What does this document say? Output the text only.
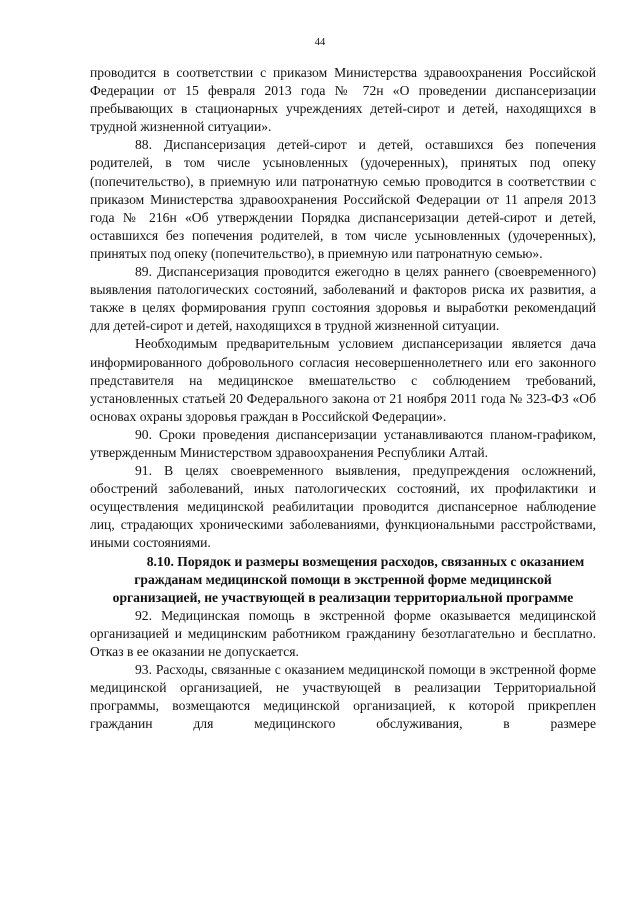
44

проводится в соответствии с приказом Министерства здравоохранения Российской Федерации от 15 февраля 2013 года № 72н «О проведении диспансеризации пребывающих в стационарных учреждениях детей-сирот и детей, находящихся в трудной жизненной ситуации».

88. Диспансеризация детей-сирот и детей, оставшихся без попечения родителей, в том числе усыновленных (удочеренных), принятых под опеку (попечительство), в приемную или патронатную семью проводится в соответствии с приказом Министерства здравоохранения Российской Федерации от 11 апреля 2013 года № 216н «Об утверждении Порядка диспансеризации детей-сирот и детей, оставшихся без попечения родителей, в том числе усыновленных (удочеренных), принятых под опеку (попечительство), в приемную или патронатную семью».

89. Диспансеризация проводится ежегодно в целях раннего (своевременного) выявления патологических состояний, заболеваний и факторов риска их развития, а также в целях формирования групп состояния здоровья и выработки рекомендаций для детей-сирот и детей, находящихся в трудной жизненной ситуации.

Необходимым предварительным условием диспансеризации является дача информированного добровольного согласия несовершеннолетнего или его законного представителя на медицинское вмешательство с соблюдением требований, установленных статьей 20 Федерального закона от 21 ноября 2011 года № 323-ФЗ «Об основах охраны здоровья граждан в Российской Федерации».

90. Сроки проведения диспансеризации устанавливаются планом-графиком, утвержденным Министерством здравоохранения Республики Алтай.

91. В целях своевременного выявления, предупреждения осложнений, обострений заболеваний, иных патологических состояний, их профилактики и осуществления медицинской реабилитации проводится диспансерное наблюдение лиц, страдающих хроническими заболеваниями, функциональными расстройствами, иными состояниями.

8.10. Порядок и размеры возмещения расходов, связанных с оказанием гражданам медицинской помощи в экстренной форме медицинской организацией, не участвующей в реализации территориальной программе

92. Медицинская помощь в экстренной форме оказывается медицинской организацией и медицинским работником гражданину безотлагательно и бесплатно. Отказ в ее оказании не допускается.

93. Расходы, связанные с оказанием медицинской помощи в экстренной форме медицинской организацией, не участвующей в реализации Территориальной программы, возмещаются медицинской организацией, к которой прикреплен гражданин для медицинского обслуживания, в размере
